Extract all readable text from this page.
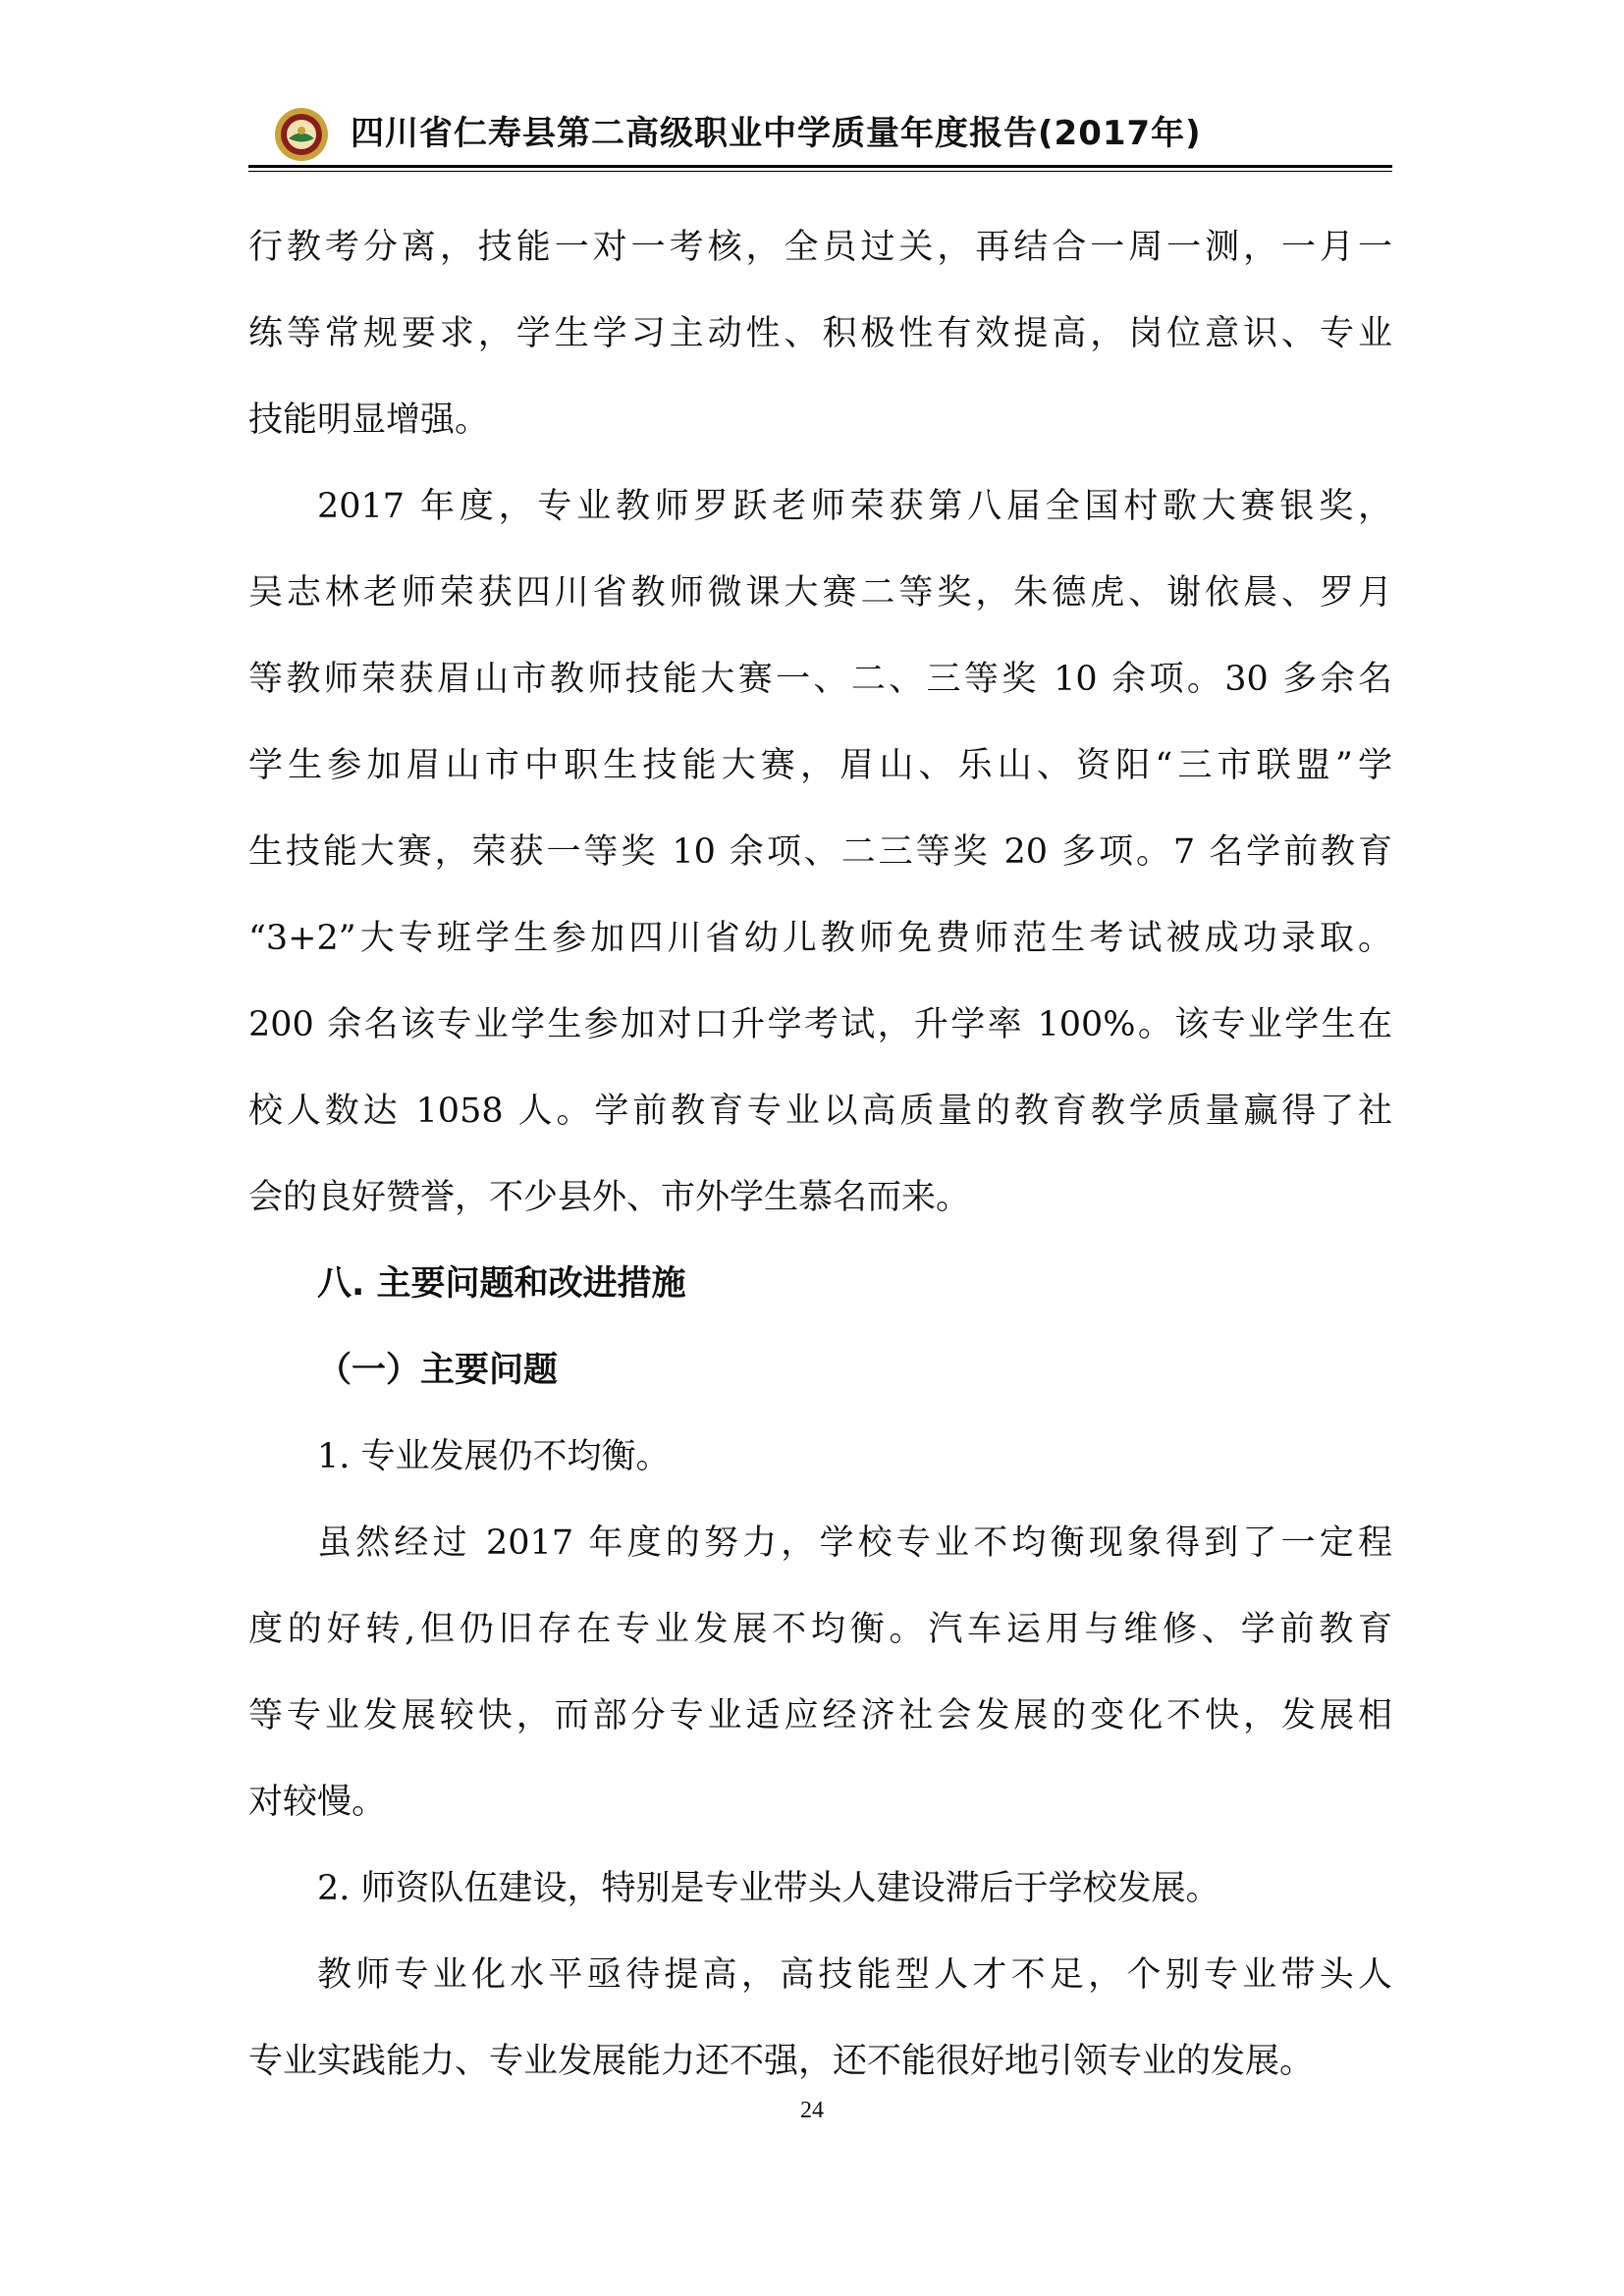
四川省仁寿县第二高级职业中学质量年度报告(2017年)

行教考分离，技能一对一考核，全员过关，再结合一周一测，一月一

练等常规要求，学生学习主动性、积极性有效提高，岗位意识、专业

技能明显增强。

2017 年度，专业教师罗跃老师荣获第八届全国村歌大赛银奖，

吴志林老师荣获四川省教师微课大赛二等奖，朱德虎、谢依晨、罗月

等教师荣获眉山市教师技能大赛一、二、三等奖 10 余项。30 多余名

学生参加眉山市中职生技能大赛，眉山、乐山、资阳“三市联盟”学

生技能大赛，荣获一等奖 10 余项、二三等奖 20 多项。7 名学前教育

“3+2”大专班学生参加四川省幼儿教师免费师范生考试被成功录取。

200 余名该专业学生参加对口升学考试，升学率 100%。该专业学生在

校人数达 1058 人。学前教育专业以高质量的教育教学质量赢得了社

会的良好赞誉，不少县外、市外学生慕名而来。

八. 主要问题和改进措施

（一）主要问题

1. 专业发展仍不均衡。

虽然经过 2017 年度的努力，学校专业不均衡现象得到了一定程

度的好转,但仍旧存在专业发展不均衡。汽车运用与维修、学前教育

等专业发展较快，而部分专业适应经济社会发展的变化不快，发展相

对较慢。

2. 师资队伍建设，特别是专业带头人建设滞后于学校发展。

教师专业化水平亟待提高，高技能型人才不足，个别专业带头人

专业实践能力、专业发展能力还不强，还不能很好地引领专业的发展。

24
